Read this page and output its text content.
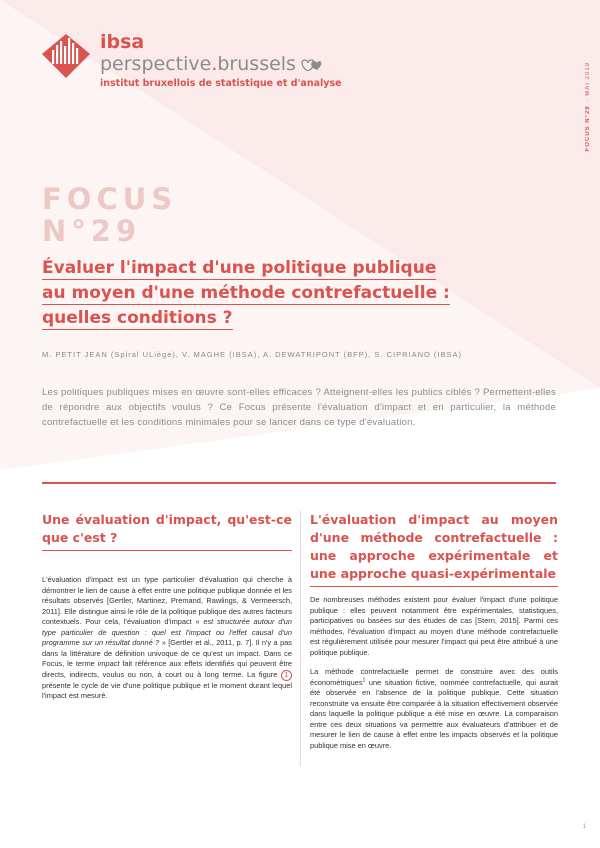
ibsa
perspective . brussels
institut bruxellois de statistique et d'analyse
FOCUS N°29 – MAI 2019
FOCUS
N°29
Évaluer l'impact d'une politique publique
au moyen d'une méthode contrefactuelle :
quelles conditions ?
M. PETIT JEAN (Spiral ULiège), V. MAGHE (IBSA), A. DEWATRIPONT (BFP), S. CIPRIANO (IBSA)
Les politiques publiques mises en œuvre sont-elles efficaces ? Atteignent-elles les publics ciblés ? Permettent-elles de répondre aux objectifs voulus ? Ce Focus présente l'évaluation d'impact et en particulier, la méthode contrefactuelle et les conditions minimales pour se lancer dans ce type d'évaluation.
Une évaluation d'impact, qu'est-ce que c'est ?

L'évaluation d'impact est un type particulier d'évaluation qui cherche à démontrer le lien de cause à effet entre une politique publique donnée et les résultats observés [Gertler, Martinez, Premand, Rawlings, & Vermeersch, 2011]. Elle distingue ainsi le rôle de la politique publique des autres facteurs contextuels. Pour cela, l'évaluation d'impact « est structurée autour d'un type particulier de question : quel est l'impact ou l'effet causal d'un programme sur un résultat donné ? » [Gertler et al., 2011, p. 7]. Il n'y a pas dans la littérature de définition univoque de ce qu'est un impact. Dans ce Focus, le terme impact fait référence aux effets identifiés qui peuvent être directs, indirects, voulus ou non, à court ou à long terme. La figure 1 présente le cycle de vie d'une politique publique et le moment durant lequel l'impact est mesuré.

L'évaluation d'impact au moyen d'une méthode contrefactuelle : une approche expérimentale et une approche quasi-expérimentale

De nombreuses méthodes existent pour évaluer l'impact d'une politique publique : elles peuvent notamment être expérimentales, statistiques, participatives ou basées sur des études de cas [Stern, 2015]. Parmi ces méthodes, l'évaluation d'impact au moyen d'une méthode contrefactuelle est régulièrement utilisée pour mesurer l'impact qui peut être attribué à une politique publique.

La méthode contrefactuelle permet de construire avec des outils économétriques$^1$ une situation fictive, nommée contrefactuelle, qui aurait été observée en l'absence de la politique publique. Cette situation reconstruite va ensuite être comparée à la situation effectivement observée dans laquelle la politique publique a été mise en œuvre. La comparaison entre ces deux situations va permettre aux évaluateurs d'attribuer et de mesurer le lien de cause à effet entre les impacts observés et la politique publique mise en œuvre.

1
